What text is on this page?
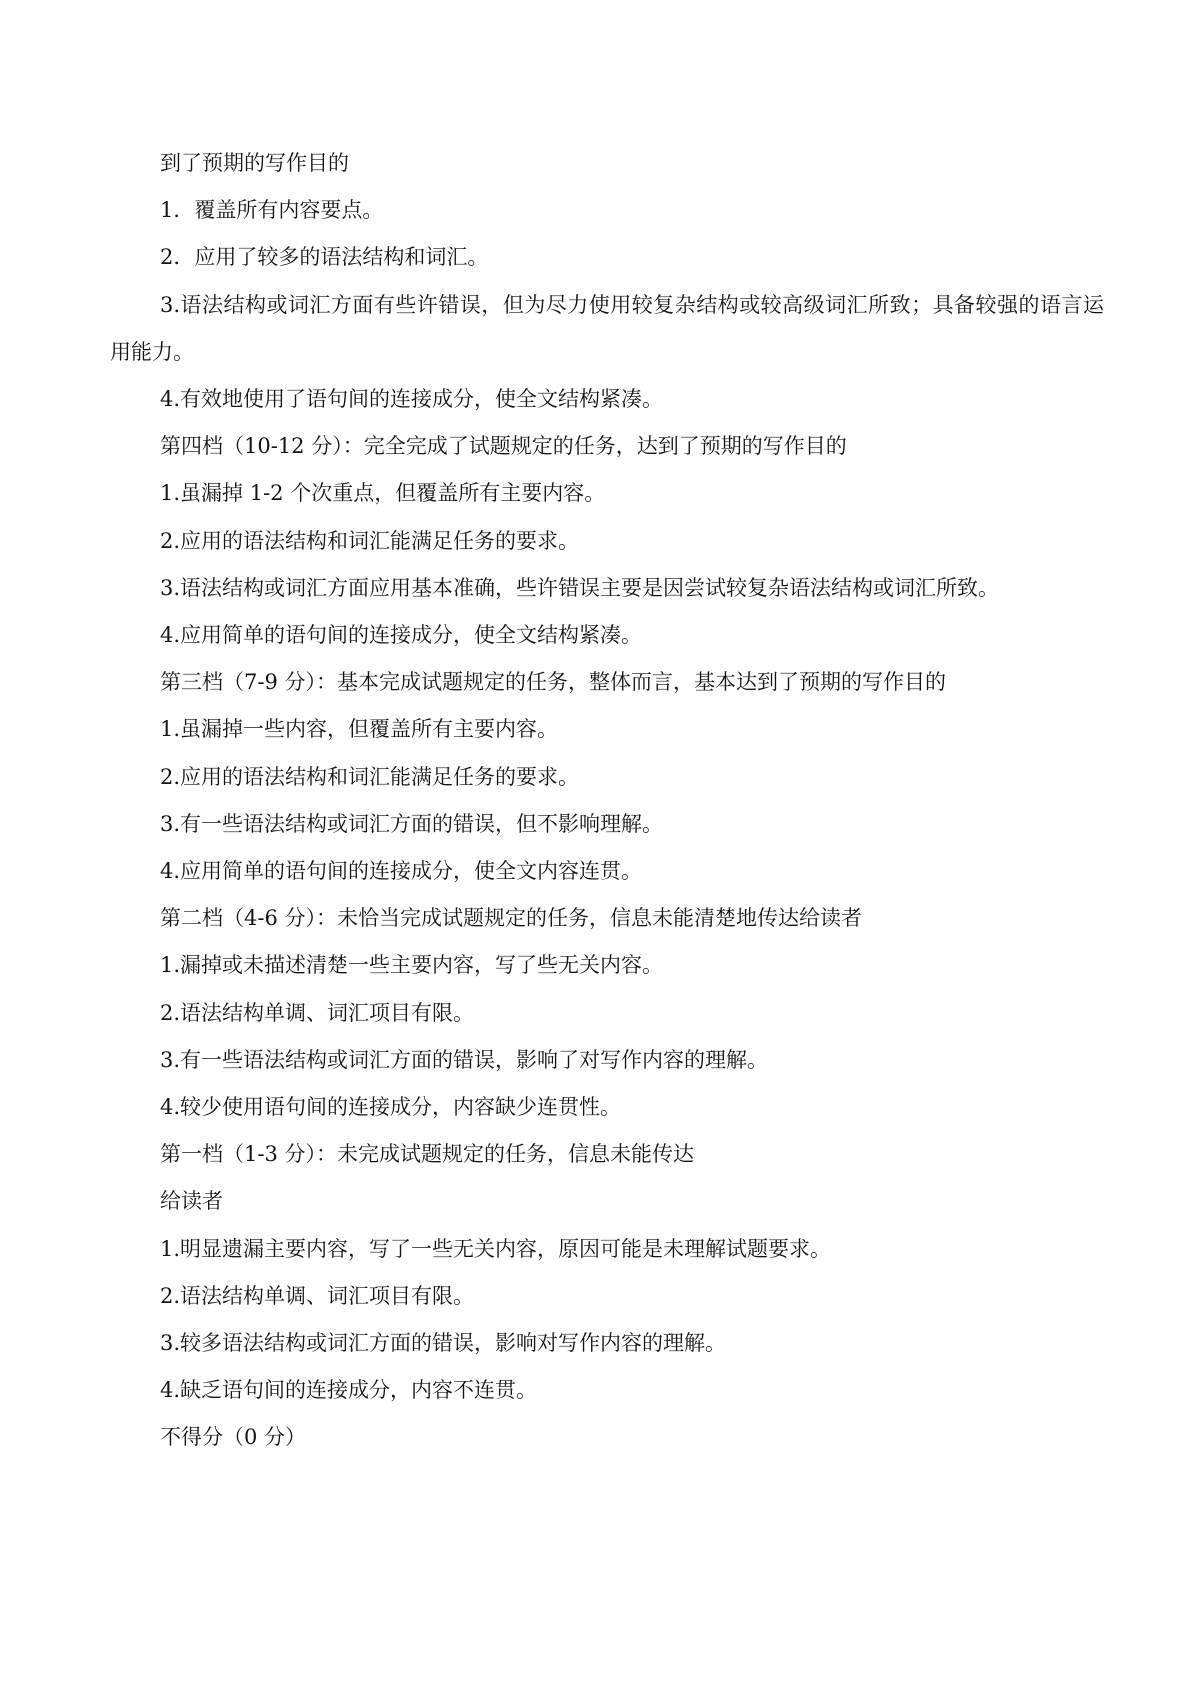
到了预期的写作目的

1．覆盖所有内容要点。

2．应用了较多的语法结构和词汇。

3.语法结构或词汇方面有些许错误，但为尽力使用较复杂结构或较高级词汇所致；具备较强的语言运用能力。

4.有效地使用了语句间的连接成分，使全文结构紧凑。

第四档（10-12 分）：完全完成了试题规定的任务，达到了预期的写作目的

1.虽漏掉 1-2 个次重点，但覆盖所有主要内容。

2.应用的语法结构和词汇能满足任务的要求。

3.语法结构或词汇方面应用基本准确，些许错误主要是因尝试较复杂语法结构或词汇所致。

4.应用简单的语句间的连接成分，使全文结构紧凑。

第三档（7-9 分）：基本完成试题规定的任务，整体而言，基本达到了预期的写作目的

1.虽漏掉一些内容，但覆盖所有主要内容。

2.应用的语法结构和词汇能满足任务的要求。

3.有一些语法结构或词汇方面的错误，但不影响理解。

4.应用简单的语句间的连接成分，使全文内容连贯。

第二档（4-6 分）：未恰当完成试题规定的任务，信息未能清楚地传达给读者

1.漏掉或未描述清楚一些主要内容，写了些无关内容。

2.语法结构单调、词汇项目有限。

3.有一些语法结构或词汇方面的错误，影响了对写作内容的理解。

4.较少使用语句间的连接成分，内容缺少连贯性。

第一档（1-3 分）：未完成试题规定的任务，信息未能传达

给读者

1.明显遗漏主要内容，写了一些无关内容，原因可能是未理解试题要求。

2.语法结构单调、词汇项目有限。

3.较多语法结构或词汇方面的错误，影响对写作内容的理解。

4.缺乏语句间的连接成分，内容不连贯。

不得分（0 分）
